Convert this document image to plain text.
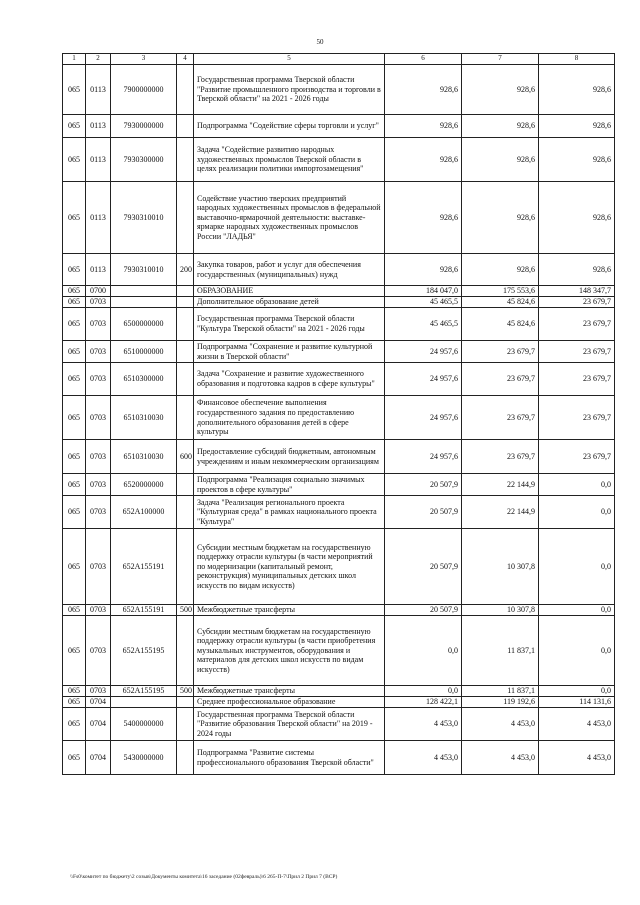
50
1	2	3	4	5	6	7	8
065	0113	7900000000		Государственная программа Тверской области "Развитие промышленного производства и торговли в Тверской области" на 2021 - 2026 годы	928,6	928,6	928,6
065	0113	7930000000		Подпрограмма "Содействие сферы торговли и услуг"	928,6	928,6	928,6
065	0113	7930300000		Задача "Содействие развитию народных художественных промыслов Тверской области в целях реализации политики импортозамещения"	928,6	928,6	928,6
065	0113	7930310010		Содействие участию тверских предприятий народных художественных промыслов в федеральной выставочно-ярмарочной деятельности: выставке-ярмарке народных художественных промыслов России "ЛАДЬЯ"	928,6	928,6	928,6
065	0113	7930310010	200	Закупка товаров, работ и услуг для обеспечения государственных (муниципальных) нужд	928,6	928,6	928,6
065	0700			ОБРАЗОВАНИЕ	184 047,0	175 553,6	148 347,7
065	0703			Дополнительное образование детей	45 465,5	45 824,6	23 679,7
065	0703	6500000000		Государственная программа Тверской области "Культура Тверской области" на 2021 - 2026 годы	45 465,5	45 824,6	23 679,7
065	0703	6510000000		Подпрограмма "Сохранение и развитие культурной жизни в Тверской области"	24 957,6	23 679,7	23 679,7
065	0703	6510300000		Задача "Сохранение и развитие художественного образования и подготовка кадров в сфере культуры"	24 957,6	23 679,7	23 679,7
065	0703	6510310030		Финансовое обеспечение выполнения государственного задания по предоставлению дополнительного образования детей в сфере культуры	24 957,6	23 679,7	23 679,7
065	0703	6510310030	600	Предоставление субсидий бюджетным, автономным учреждениям и иным некоммерческим организациям	24 957,6	23 679,7	23 679,7
065	0703	6520000000		Подпрограмма "Реализация социально значимых проектов в сфере культуры"	20 507,9	22 144,9	0,0
065	0703	652A100000		Задача "Реализация регионального проекта "Культурная среда" в рамках национального проекта "Культура"	20 507,9	22 144,9	0,0
065	0703	652A155191		Субсидии местным бюджетам на государственную поддержку отрасли культуры (в части мероприятий по модернизации (капитальный ремонт, реконструкция) муниципальных детских школ искусств по видам искусств)	20 507,9	10 307,8	0,0
065	0703	652A155191	500	Межбюджетные трансферты	20 507,9	10 307,8	0,0
065	0703	652A155195		Субсидии местным бюджетам на государственную поддержку отрасли культуры (в части приобретения музыкальных инструментов, оборудования и материалов для детских школ искусств по видам искусств)	0,0	11 837,1	0,0
065	0703	652A155195	500	Межбюджетные трансферты	0,0	11 837,1	0,0
065	0704			Среднее профессиональное образование	128 422,1	119 192,6	114 131,6
065	0704	5400000000		Государственная программа Тверской области "Развитие образования Тверской области" на 2019 - 2024 годы	4 453,0	4 453,0	4 453,0
065	0704	5430000000		Подпрограмма "Развитие системы профессионального образования Тверской области"	4 453,0	4 453,0	4 453,0
\\Fs0\комитет по бюджету\2 созыв\Документы комитета\16 заседание (02февраль)\6 265-П-7\Прил 2 Прил 7 (ВСР)
